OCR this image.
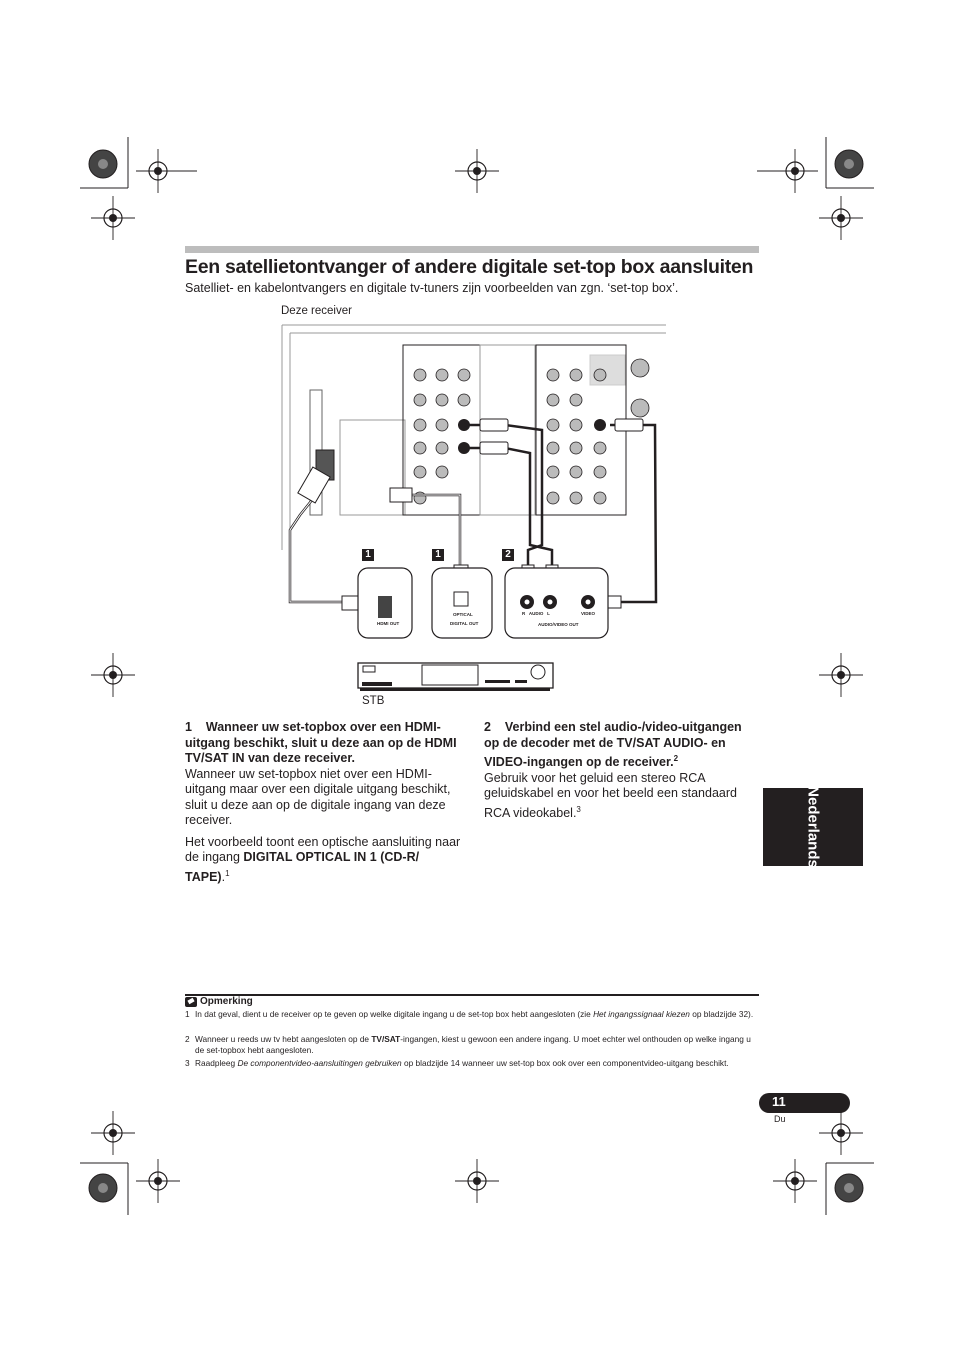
Een satellietontvanger of andere digitale set-top box aansluiten
Satelliet- en kabelontvangers en digitale tv-tuners zijn voorbeelden van zgn. ‘set-top box’.
Deze receiver
STB
1	1	2
HDMI OUT
OPTICAL
DIGITAL OUT
R   AUDIO   L	VIDEO
AUDIO/VIDEO OUT

1 Wanneer uw set-topbox over een HDMI-uitgang beschikt, sluit u deze aan op de HDMI TV/SAT IN van deze receiver.
Wanneer uw set-topbox niet over een HDMI-uitgang maar over een digitale uitgang beschikt, sluit u deze aan op de digitale ingang van deze receiver.

Het voorbeeld toont een optische aansluiting naar de ingang DIGITAL OPTICAL IN 1 (CD-R/ TAPE).$^1$

2 Verbind een stel audio-/video-uitgangen op de decoder met de TV/SAT AUDIO- en VIDEO-ingangen op de receiver.$^2$
Gebruik voor het geluid een stereo RCA geluidskabel en voor het beeld een standaard RCA videokabel.$^3$	Nederlands
Opmerking
1 In dat geval, dient u de receiver op te geven op welke digitale ingang u de set-top box hebt aangesloten (zie Het ingangssignaal kiezen op bladzijde 32).
2 Wanneer u reeds uw tv hebt aangesloten op de TV/SAT-ingangen, kiest u gewoon een andere ingang. U moet echter wel onthouden op welke ingang u de set-topbox hebt aangesloten.
3 Raadpleeg De componentvideo-aansluitingen gebruiken op bladzijde 14 wanneer uw set-top box ook over een componentvideo-uitgang beschikt.
11
Du
